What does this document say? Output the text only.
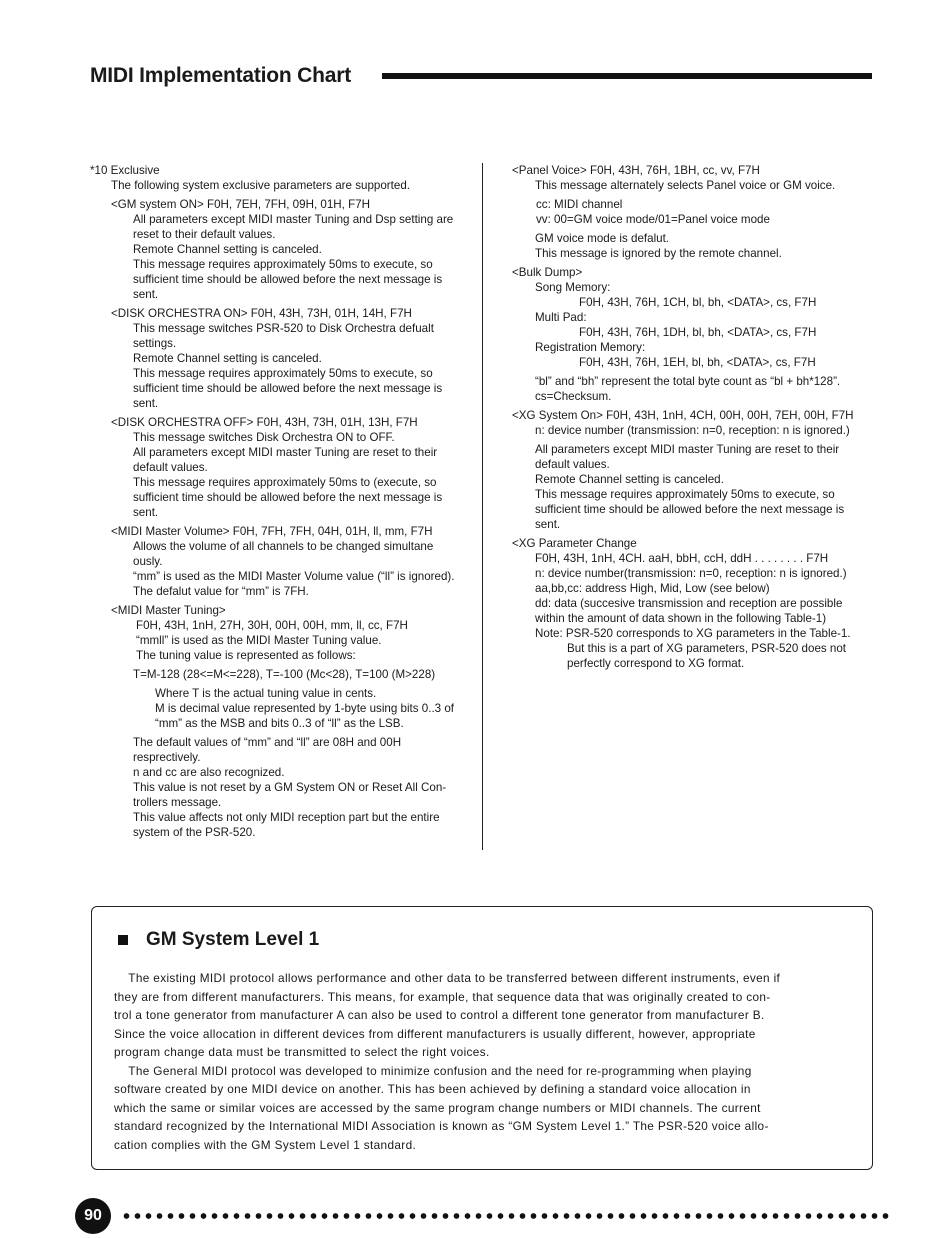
MIDI Implementation Chart
*10 Exclusive
The following system exclusive parameters are supported.
<GM system ON> F0H, 7EH, 7FH, 09H, 01H, F7H
All parameters except MIDI master Tuning and Dsp setting are
reset to their default values.
Remote Channel setting is canceled.
This message requires approximately 50ms to execute, so
sufficient time should be allowed before the next message is
sent.
<DISK ORCHESTRA ON> F0H, 43H, 73H, 01H, 14H, F7H
This message switches PSR-520 to Disk Orchestra defualt
settings.
Remote Channel setting is canceled.
This message requires approximately 50ms to execute, so
sufficient time should be allowed before the next message is
sent.
<DISK ORCHESTRA OFF> F0H, 43H, 73H, 01H, 13H, F7H
This message switches Disk Orchestra ON to OFF.
All parameters except MIDI master Tuning are reset to their
default values.
This message requires approximately 50ms to (execute, so
sufficient time should be allowed before the next message is
sent.
<MIDI Master Volume> F0H, 7FH, 7FH, 04H, 01H, ll, mm, F7H
Allows the volume of all channels to be changed simultane
ously.
“mm” is used as the MIDI Master Volume value (“ll” is ignored).
The defalut value for “mm” is 7FH.
<MIDI Master Tuning>
F0H, 43H, 1nH, 27H, 30H, 00H, 00H, mm, ll, cc, F7H
“mmll” is used as the MIDI Master Tuning value.
The tuning value is represented as follows:
T=M-128 (28<=M<=228), T=-100 (Mc<28), T=100 (M>228)
Where T is the actual tuning value in cents.
M is decimal value represented by 1-byte using bits 0..3 of
“mm” as the MSB and bits 0..3 of “ll” as the LSB.
The default values of “mm” and “ll” are 08H and 00H
resprectively.
n and cc are also recognized.
This value is not reset by a GM System ON or Reset All Con-
trollers message.
This value affects not only MIDI reception part but the entire
system of the PSR-520.
<Panel Voice> F0H, 43H, 76H, 1BH, cc, vv, F7H
This message alternately selects Panel voice or GM voice.
cc: MIDI channel
vv: 00=GM voice mode/01=Panel voice mode
GM voice mode is defalut.
This message is ignored by the remote channel.
<Bulk Dump>
Song Memory:
F0H, 43H, 76H, 1CH, bl, bh, <DATA>, cs, F7H
Multi Pad:
F0H, 43H, 76H, 1DH, bl, bh, <DATA>, cs, F7H
Registration Memory:
F0H, 43H, 76H, 1EH, bl, bh, <DATA>, cs, F7H
“bl” and “bh” represent the total byte count as “bl + bh*128”.
cs=Checksum.
<XG System On> F0H, 43H, 1nH, 4CH, 00H, 00H, 7EH, 00H, F7H
n: device number (transmission: n=0, reception: n is ignored.)
All parameters except MIDI master Tuning are reset to their
default values.
Remote Channel setting is canceled.
This message requires approximately 50ms to execute, so
sufficient time should be allowed before the next message is
sent.
<XG Parameter Change
F0H, 43H, 1nH, 4CH. aaH, bbH, ccH, ddH . . . . . . . . F7H
n: device number(transmission: n=0, reception: n is ignored.)
aa,bb,cc: address High, Mid, Low (see below)
dd: data (succesive transmission and reception are possible
within the amount of data shown in the following Table-1)
Note: PSR-520 corresponds to XG parameters in the Table-1.
But this is a part of XG parameters, PSR-520 does not
perfectly correspond to XG format.
GM System Level 1
The existing MIDI protocol allows performance and other data to be transferred between different instruments, even if
they are from different manufacturers. This means, for example, that sequence data that was originally created to con-
trol a tone generator from manufacturer A can also be used to control a different tone generator from manufacturer B.
Since the voice allocation in different devices from different manufacturers is usually different, however, appropriate
program change data must be transmitted to select the right voices.
The General MIDI protocol was developed to minimize confusion and the need for re-programming when playing
software created by one MIDI device on another. This has been achieved by defining a standard voice allocation in
which the same or similar voices are accessed by the same program change numbers or MIDI channels. The current
standard recognized by the International MIDI Association is known as “GM System Level 1.” The PSR-520 voice allo-
cation complies with the GM System Level 1 standard.
90
